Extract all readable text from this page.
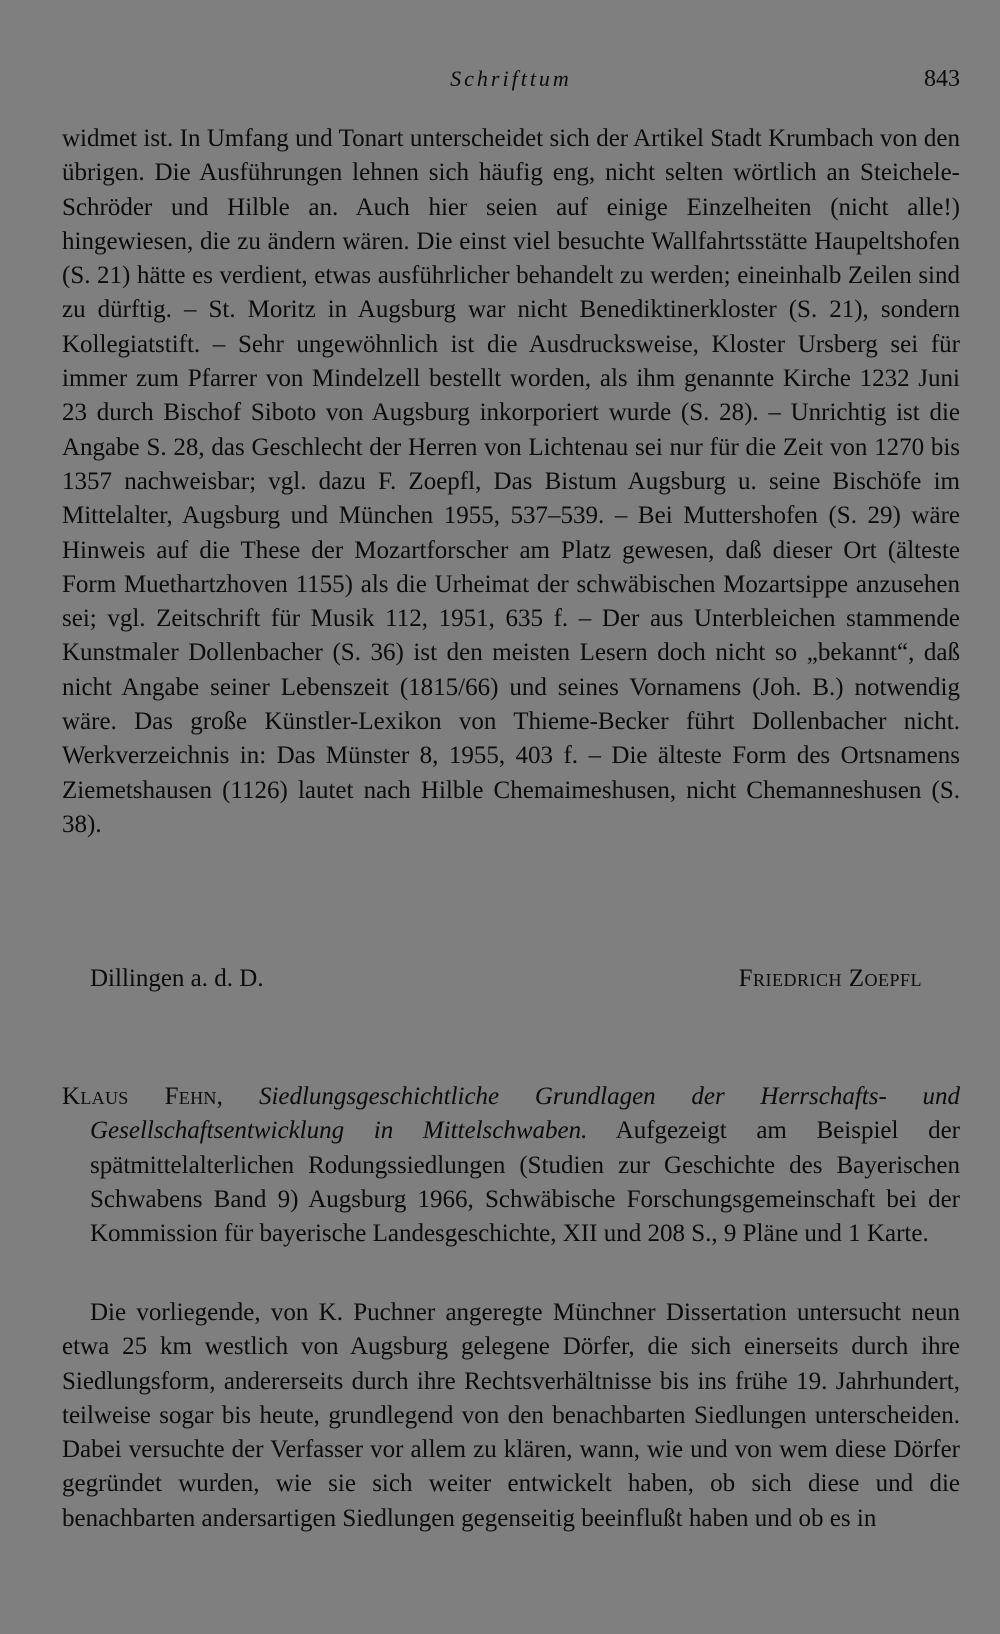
Schrifttum	843

widmet ist. In Umfang und Tonart unterscheidet sich der Artikel Stadt Krumbach von den übrigen. Die Ausführungen lehnen sich häufig eng, nicht selten wörtlich an Steichele-Schröder und Hilble an. Auch hier seien auf einige Einzelheiten (nicht alle!) hingewiesen, die zu ändern wären. Die einst viel besuchte Wallfahrtsstätte Haupeltshofen (S. 21) hätte es verdient, etwas ausführlicher behandelt zu werden; eineinhalb Zeilen sind zu dürftig. – St. Moritz in Augsburg war nicht Benediktinerkloster (S. 21), sondern Kollegiatstift. – Sehr ungewöhnlich ist die Ausdrucksweise, Kloster Ursberg sei für immer zum Pfarrer von Mindelzell bestellt worden, als ihm genannte Kirche 1232 Juni 23 durch Bischof Siboto von Augsburg inkorporiert wurde (S. 28). – Unrichtig ist die Angabe S. 28, das Geschlecht der Herren von Lichtenau sei nur für die Zeit von 1270 bis 1357 nachweisbar; vgl. dazu F. Zoepfl, Das Bistum Augsburg u. seine Bischöfe im Mittelalter, Augsburg und München 1955, 537–539. – Bei Muttershofen (S. 29) wäre Hinweis auf die These der Mozartforscher am Platz gewesen, daß dieser Ort (älteste Form Muethartzhoven 1155) als die Urheimat der schwäbischen Mozartsippe anzusehen sei; vgl. Zeitschrift für Musik 112, 1951, 635 f. – Der aus Unterbleichen stammende Kunstmaler Dollenbacher (S. 36) ist den meisten Lesern doch nicht so „bekannt“, daß nicht Angabe seiner Lebenszeit (1815/66) und seines Vornamens (Joh. B.) notwendig wäre. Das große Künstler-Lexikon von Thieme-Becker führt Dollenbacher nicht. Werkverzeichnis in: Das Münster 8, 1955, 403 f. – Die älteste Form des Ortsnamens Ziemetshausen (1126) lautet nach Hilble Chemaimeshusen, nicht Chemanneshusen (S. 38).

Dillingen a. d. D.	Friedrich Zoepfl

Klaus Fehn, Siedlungsgeschichtliche Grundlagen der Herrschafts- und Gesellschaftsentwicklung in Mittelschwaben. Aufgezeigt am Beispiel der spätmittelalterlichen Rodungssiedlungen (Studien zur Geschichte des Bayerischen Schwabens Band 9) Augsburg 1966, Schwäbische Forschungsgemeinschaft bei der Kommission für bayerische Landesgeschichte, XII und 208 S., 9 Pläne und 1 Karte.

Die vorliegende, von K. Puchner angeregte Münchner Dissertation untersucht neun etwa 25 km westlich von Augsburg gelegene Dörfer, die sich einerseits durch ihre Siedlungsform, andererseits durch ihre Rechtsverhältnisse bis ins frühe 19. Jahrhundert, teilweise sogar bis heute, grundlegend von den benachbarten Siedlungen unterscheiden. Dabei versuchte der Verfasser vor allem zu klären, wann, wie und von wem diese Dörfer gegründet wurden, wie sie sich weiter entwickelt haben, ob sich diese und die benachbarten andersartigen Siedlungen gegenseitig beeinflußt haben und ob es in
